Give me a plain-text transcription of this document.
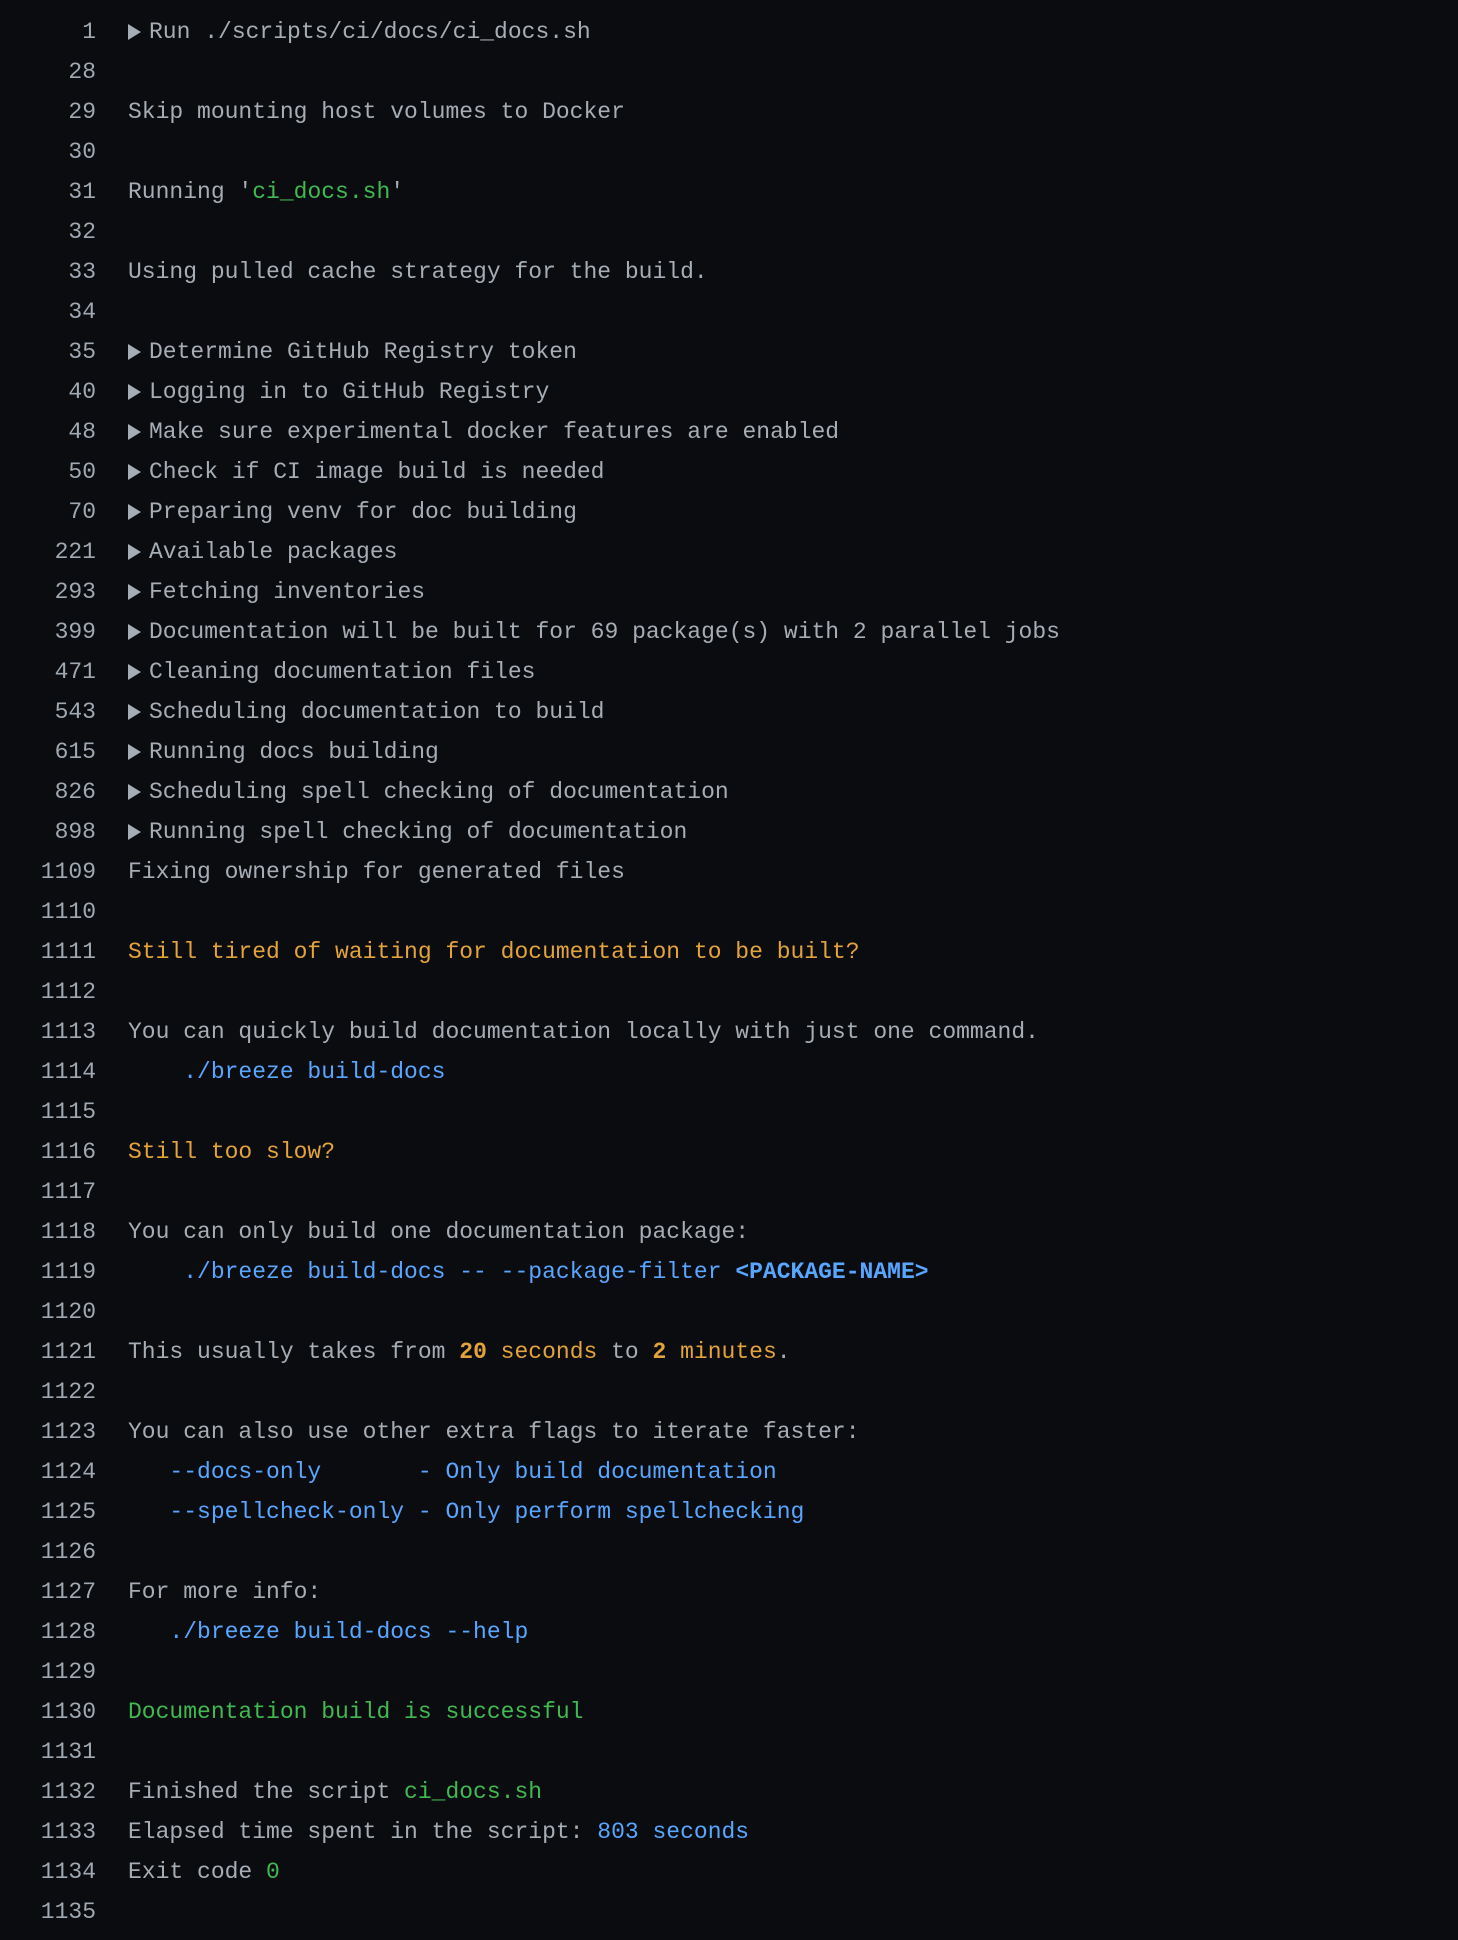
1 Run ./scripts/ci/docs/ci_docs.sh
28
29 Skip mounting host volumes to Docker
30
31 Running ' ci_docs.sh '
32
33 Using pulled cache strategy for the build.
34
35 Determine GitHub Registry token
40 Logging in to GitHub Registry
48 Make sure experimental docker features are enabled
50 Check if CI image build is needed
70 Preparing venv for doc building
221 Available packages
293 Fetching inventories
399 Documentation will be built for 69 package(s) with 2 parallel jobs
471 Cleaning documentation files
543 Scheduling documentation to build
615 Running docs building
826 Scheduling spell checking of documentation
898 Running spell checking of documentation
1109 Fixing ownership for generated files
1110
1111 Still tired of waiting for documentation to be built?
1112
1113 You can quickly build documentation locally with just one command.
1114 ./breeze build-docs
1115
1116 Still too slow?
1117
1118 You can only build one documentation package:
1119 ./breeze build-docs -- --package-filter <PACKAGE-NAME>
1120
1121 This usually takes from 20 seconds to 2 minutes .
1122
1123 You can also use other extra flags to iterate faster:
1124 --docs-only       - Only build documentation
1125 --spellcheck-only - Only perform spellchecking
1126
1127 For more info:
1128 ./breeze build-docs --help
1129
1130 Documentation build is successful
1131
1132 Finished the script ci_docs.sh
1133 Elapsed time spent in the script: 803 seconds
1134 Exit code 0
1135
